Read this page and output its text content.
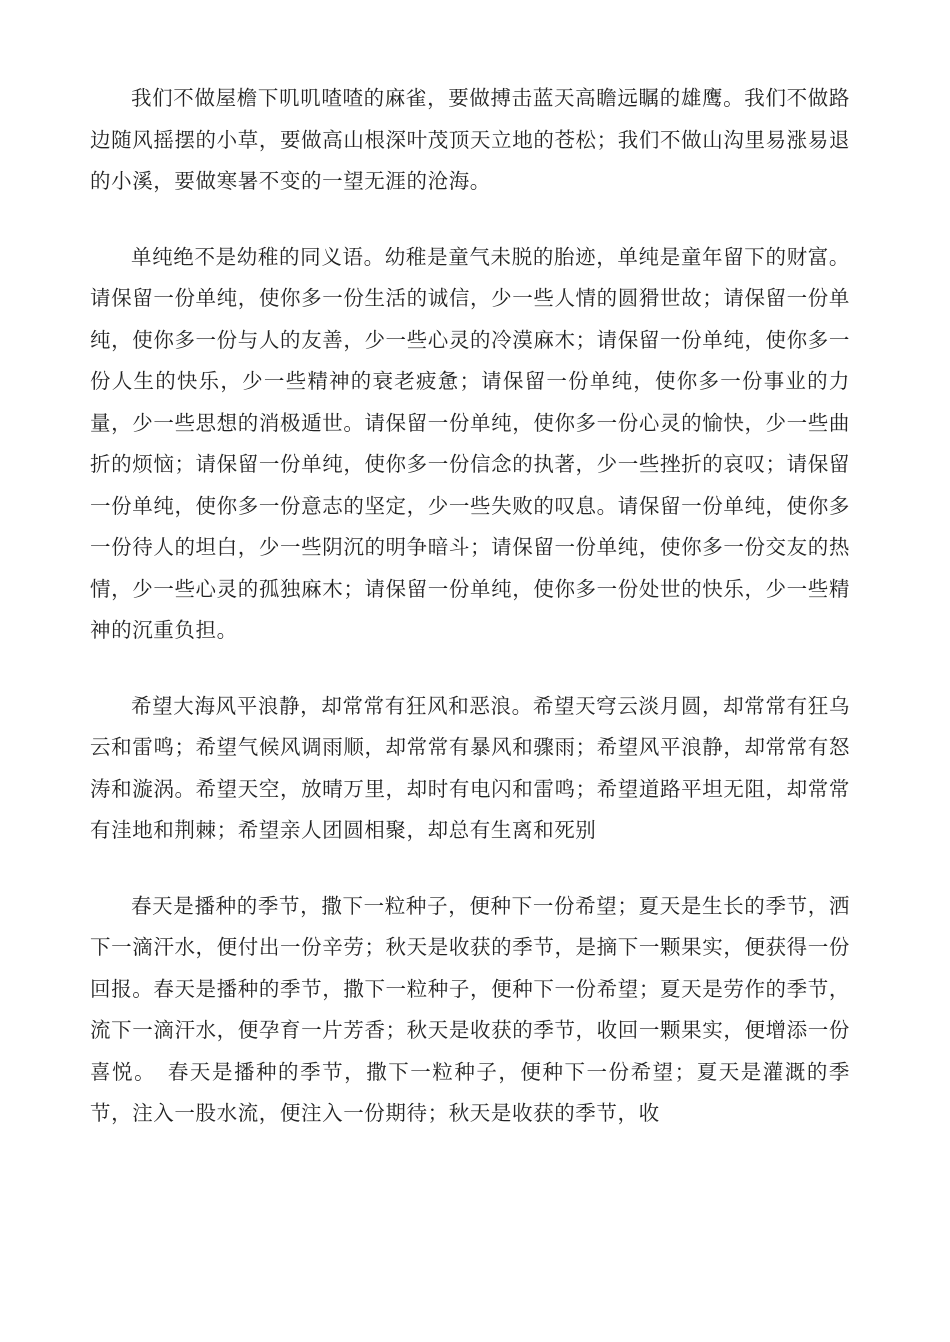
我们不做屋檐下叽叽喳喳的麻雀，要做搏击蓝天高瞻远瞩的雄鹰。我们不做路边随风摇摆的小草，要做高山根深叶茂顶天立地的苍松；我们不做山沟里易涨易退的小溪，要做寒暑不变的一望无涯的沧海。

单纯绝不是幼稚的同义语。幼稚是童气未脱的胎迹，单纯是童年留下的财富。请保留一份单纯，使你多一份生活的诚信，少一些人情的圆猾世故；请保留一份单纯，使你多一份与人的友善，少一些心灵的冷漠麻木；请保留一份单纯，使你多一份人生的快乐，少一些精神的衰老疲惫；请保留一份单纯，使你多一份事业的力量，少一些思想的消极遁世。请保留一份单纯，使你多一份心灵的愉快，少一些曲折的烦恼；请保留一份单纯，使你多一份信念的执著，少一些挫折的哀叹；请保留一份单纯，使你多一份意志的坚定，少一些失败的叹息。请保留一份单纯，使你多一份待人的坦白，少一些阴沉的明争暗斗；请保留一份单纯，使你多一份交友的热情，少一些心灵的孤独麻木；请保留一份单纯，使你多一份处世的快乐，少一些精神的沉重负担。

希望大海风平浪静，却常常有狂风和恶浪。希望天穹云淡月圆，却常常有狂乌云和雷鸣；希望气候风调雨顺，却常常有暴风和骤雨；希望风平浪静，却常常有怒涛和漩涡。希望天空，放晴万里，却时有电闪和雷鸣；希望道路平坦无阻，却常常有洼地和荆棘；希望亲人团圆相聚，却总有生离和死别

春天是播种的季节，撒下一粒种子，便种下一份希望；夏天是生长的季节，洒下一滴汗水，便付出一份辛劳；秋天是收获的季节，是摘下一颗果实，便获得一份回报。春天是播种的季节，撒下一粒种子，便种下一份希望；夏天是劳作的季节，流下一滴汗水，便孕育一片芳香；秋天是收获的季节，收回一颗果实，便增添一份喜悦。　春天是播种的季节，撒下一粒种子，便种下一份希望；夏天是灌溉的季节，注入一股水流，便注入一份期待；秋天是收获的季节，收
